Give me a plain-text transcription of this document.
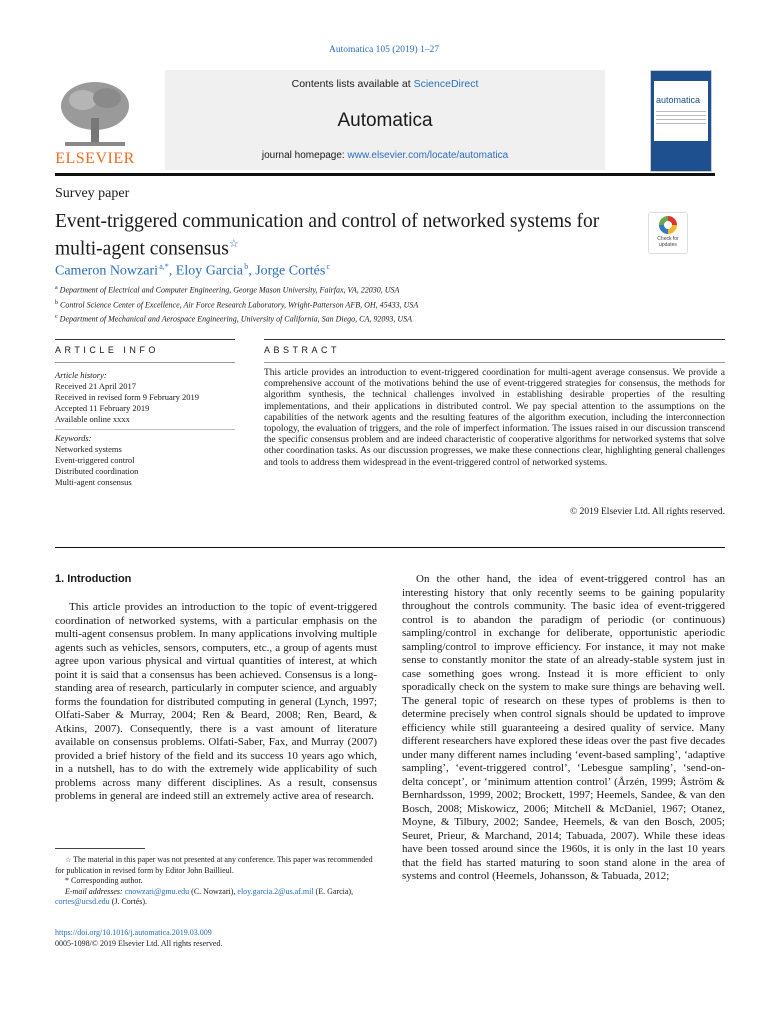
Automatica 105 (2019) 1–27
ELSEVIER
Contents lists available at ScienceDirect
Automatica
journal homepage: www.elsevier.com/locate/automatica
automatica
Survey paper
Event-triggered communication and control of networked systems for multi-agent consensus☆	Check for updates
Cameron Nowzari $^{a,*}$, Eloy Garcia $^b$, Jorge Cortés $^c$
$^a$ Department of Electrical and Computer Engineering, George Mason University, Fairfax, VA, 22030, USA
$^b$ Control Science Center of Excellence, Air Force Research Laboratory, Wright-Patterson AFB, OH, 45433, USA
$^c$ Department of Mechanical and Aerospace Engineering, University of California, San Diego, CA, 92093, USA
ARTICLE INFO	ABSTRACT
Article history:
Received 21 April 2017
Received in revised form 9 February 2019
Accepted 11 February 2019
Available online xxxx
Keywords:
Networked systems
Event-triggered control
Distributed coordination
Multi-agent consensus
This article provides an introduction to event-triggered coordination for multi-agent average consensus. We provide a comprehensive account of the motivations behind the use of event-triggered strategies for consensus, the methods for algorithm synthesis, the technical challenges involved in establishing desirable properties of the resulting implementations, and their applications in distributed control. We pay special attention to the assumptions on the capabilities of the network agents and the resulting features of the algorithm execution, including the interconnection topology, the evaluation of triggers, and the role of imperfect information. The issues raised in our discussion transcend the specific consensus problem and are indeed characteristic of cooperative algorithms for networked systems that solve other coordination tasks. As our discussion progresses, we make these connections clear, highlighting general challenges and tools to address them widespread in the event-triggered control of networked systems.
© 2019 Elsevier Ltd. All rights reserved.
1. Introduction
This article provides an introduction to the topic of event-triggered coordination of networked systems, with a particular emphasis on the multi-agent consensus problem. In many applications involving multiple agents such as vehicles, sensors, computers, etc., a group of agents must agree upon various physical and virtual quantities of interest, at which point it is said that a consensus has been achieved. Consensus is a long-standing area of research, particularly in computer science, and arguably forms the foundation for distributed computing in general (Lynch, 1997; Olfati-Saber & Murray, 2004; Ren & Beard, 2008; Ren, Beard, & Atkins, 2007). Consequently, there is a vast amount of literature available on consensus problems. Olfati-Saber, Fax, and Murray (2007) provided a brief history of the field and its success 10 years ago which, in a nutshell, has to do with the extremely wide applicability of such problems across many different disciplines. As a result, consensus problems in general are indeed still an extremely active area of research.
On the other hand, the idea of event-triggered control has an interesting history that only recently seems to be gaining popularity throughout the controls community. The basic idea of event-triggered control is to abandon the paradigm of periodic (or continuous) sampling/control in exchange for deliberate, opportunistic aperiodic sampling/control to improve efficiency. For instance, it may not make sense to constantly monitor the state of an already-stable system just in case something goes wrong. Instead it is more efficient to only sporadically check on the system to make sure things are behaving well. The general topic of research on these types of problems is then to determine precisely when control signals should be updated to improve efficiency while still guaranteeing a desired quality of service. Many different researchers have explored these ideas over the past five decades under many different names including ‘event-based sampling’, ‘adaptive sampling’, ‘event-triggered control’, ‘Lebesgue sampling’, ‘send-on-delta concept’, or ‘minimum attention control’ (Årzén, 1999; Åström & Bernhardsson, 1999, 2002; Brockett, 1997; Heemels, Sandee, & van den Bosch, 2008; Miskowicz, 2006; Mitchell & McDaniel, 1967; Otanez, Moyne, & Tilbury, 2002; Sandee, Heemels, & van den Bosch, 2005; Seuret, Prieur, & Marchand, 2014; Tabuada, 2007). While these ideas have been tossed around since the 1960s, it is only in the last 10 years that the field has started maturing to soon stand alone in the area of systems and control (Heemels, Johansson, & Tabuada, 2012;
☆ The material in this paper was not presented at any conference. This paper was recommended for publication in revised form by Editor John Baillieul.
* Corresponding author.
E-mail addresses: cnowzari@gmu.edu (C. Nowzari), eloy.garcia.2@us.af.mil (E. Garcia), cortes@ucsd.edu (J. Cortés).
https://doi.org/10.1016/j.automatica.2019.03.009
0005-1098/© 2019 Elsevier Ltd. All rights reserved.
